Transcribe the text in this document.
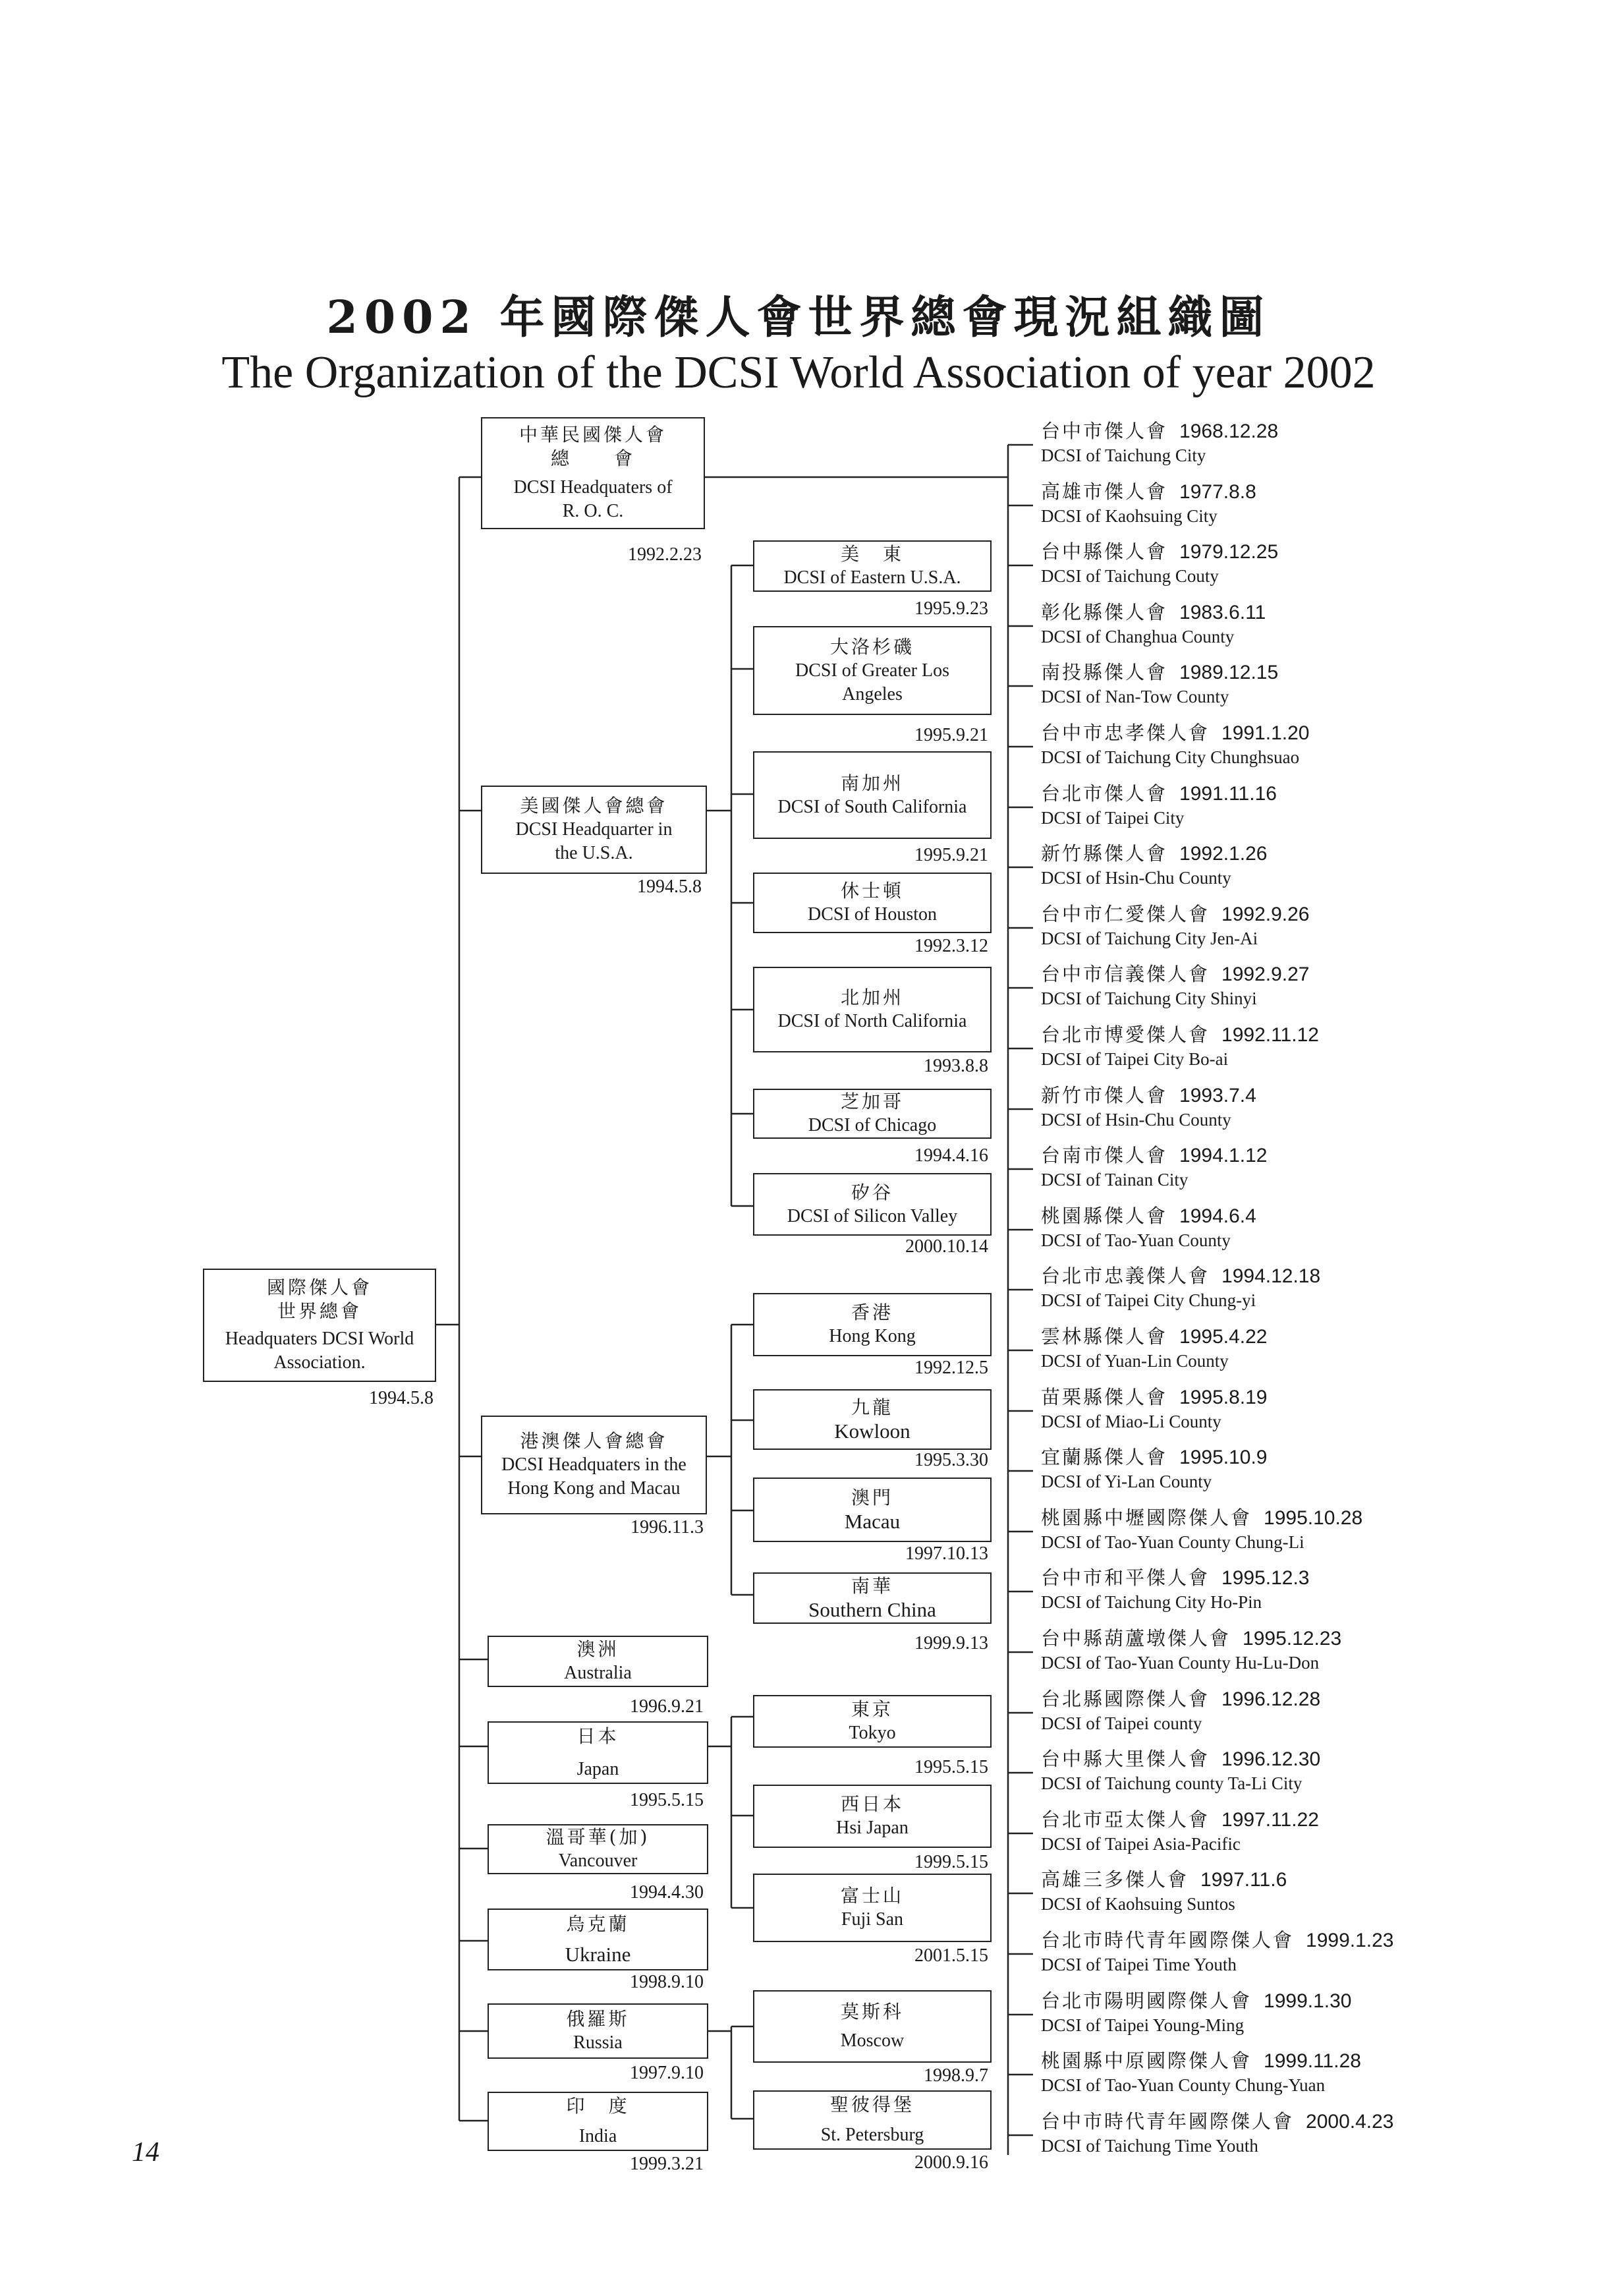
2002 年國際傑人會世界總會現況組織圖
The Organization of the DCSI World Association of year 2002
國際傑人會 世界總會
Headquaters DCSI World Association.
1994.5.8
中華民國傑人會
總　　會
DCSI Headquaters of R. O. C.
1992.2.23
美國傑人會總會
DCSI Headquarter in the U.S.A.
1994.5.8
美　東
DCSI of Eastern U.S.A.
1995.9.23
大洛杉磯
DCSI of Greater Los Angeles
1995.9.21
南加州
DCSI of South California
1995.9.21
休士頓
DCSI of Houston
1992.3.12
北加州
DCSI of North California
1993.8.8
芝加哥
DCSI of Chicago
1994.4.16
矽谷
DCSI of Silicon Valley
2000.10.14
港澳傑人會總會
DCSI Headquaters in the Hong Kong and Macau
1996.11.3
香港
Hong Kong
1992.12.5
九龍
Kowloon
1995.3.30
澳門
Macau
1997.10.13
南華
Southern China
1999.9.13
澳洲
Australia
1996.9.21
日本
Japan
1995.5.15
東京
Tokyo
1995.5.15
西日本
Hsi Japan
1999.5.15
富士山
Fuji San
2001.5.15
溫哥華(加)
Vancouver
1994.4.30
烏克蘭
Ukraine
1998.9.10
俄羅斯
Russia
1997.9.10
莫斯科
Moscow
1998.9.7
聖彼得堡
St. Petersburg
2000.9.16
印　度
India
1999.3.21
台中市傑人會 1968.12.28
DCSI of Taichung City
高雄市傑人會 1977.8.8
DCSI of Kaohsuing City
台中縣傑人會 1979.12.25
DCSI of Taichung Couty
彰化縣傑人會 1983.6.11
DCSI of Changhua County
南投縣傑人會 1989.12.15
DCSI of Nan-Tow County
台中市忠孝傑人會 1991.1.20
DCSI of Taichung City Chunghsuao
台北市傑人會 1991.11.16
DCSI of Taipei City
新竹縣傑人會 1992.1.26
DCSI of Hsin-Chu County
台中市仁愛傑人會 1992.9.26
DCSI of Taichung City Jen-Ai
台中市信義傑人會 1992.9.27
DCSI of Taichung City Shinyi
台北市博愛傑人會 1992.11.12
DCSI of Taipei City Bo-ai
新竹市傑人會 1993.7.4
DCSI of Hsin-Chu County
台南市傑人會 1994.1.12
DCSI of Tainan City
桃園縣傑人會 1994.6.4
DCSI of Tao-Yuan County
台北市忠義傑人會 1994.12.18
DCSI of Taipei City Chung-yi
雲林縣傑人會 1995.4.22
DCSI of Yuan-Lin County
苗栗縣傑人會 1995.8.19
DCSI of Miao-Li County
宜蘭縣傑人會 1995.10.9
DCSI of Yi-Lan County
桃園縣中壢國際傑人會 1995.10.28
DCSI of Tao-Yuan County Chung-Li
台中市和平傑人會 1995.12.3
DCSI of Taichung City Ho-Pin
台中縣葫蘆墩傑人會 1995.12.23
DCSI of Tao-Yuan County Hu-Lu-Don
台北縣國際傑人會 1996.12.28
DCSI of Taipei county
台中縣大里傑人會 1996.12.30
DCSI of Taichung county Ta-Li City
台北市亞太傑人會 1997.11.22
DCSI of Taipei Asia-Pacific
高雄三多傑人會 1997.11.6
DCSI of Kaohsuing Suntos
台北市時代青年國際傑人會 1999.1.23
DCSI of Taipei Time Youth
台北市陽明國際傑人會 1999.1.30
DCSI of Taipei Young-Ming
桃園縣中原國際傑人會 1999.11.28
DCSI of Tao-Yuan County Chung-Yuan
台中市時代青年國際傑人會 2000.4.23
DCSI of Taichung Time Youth
14
